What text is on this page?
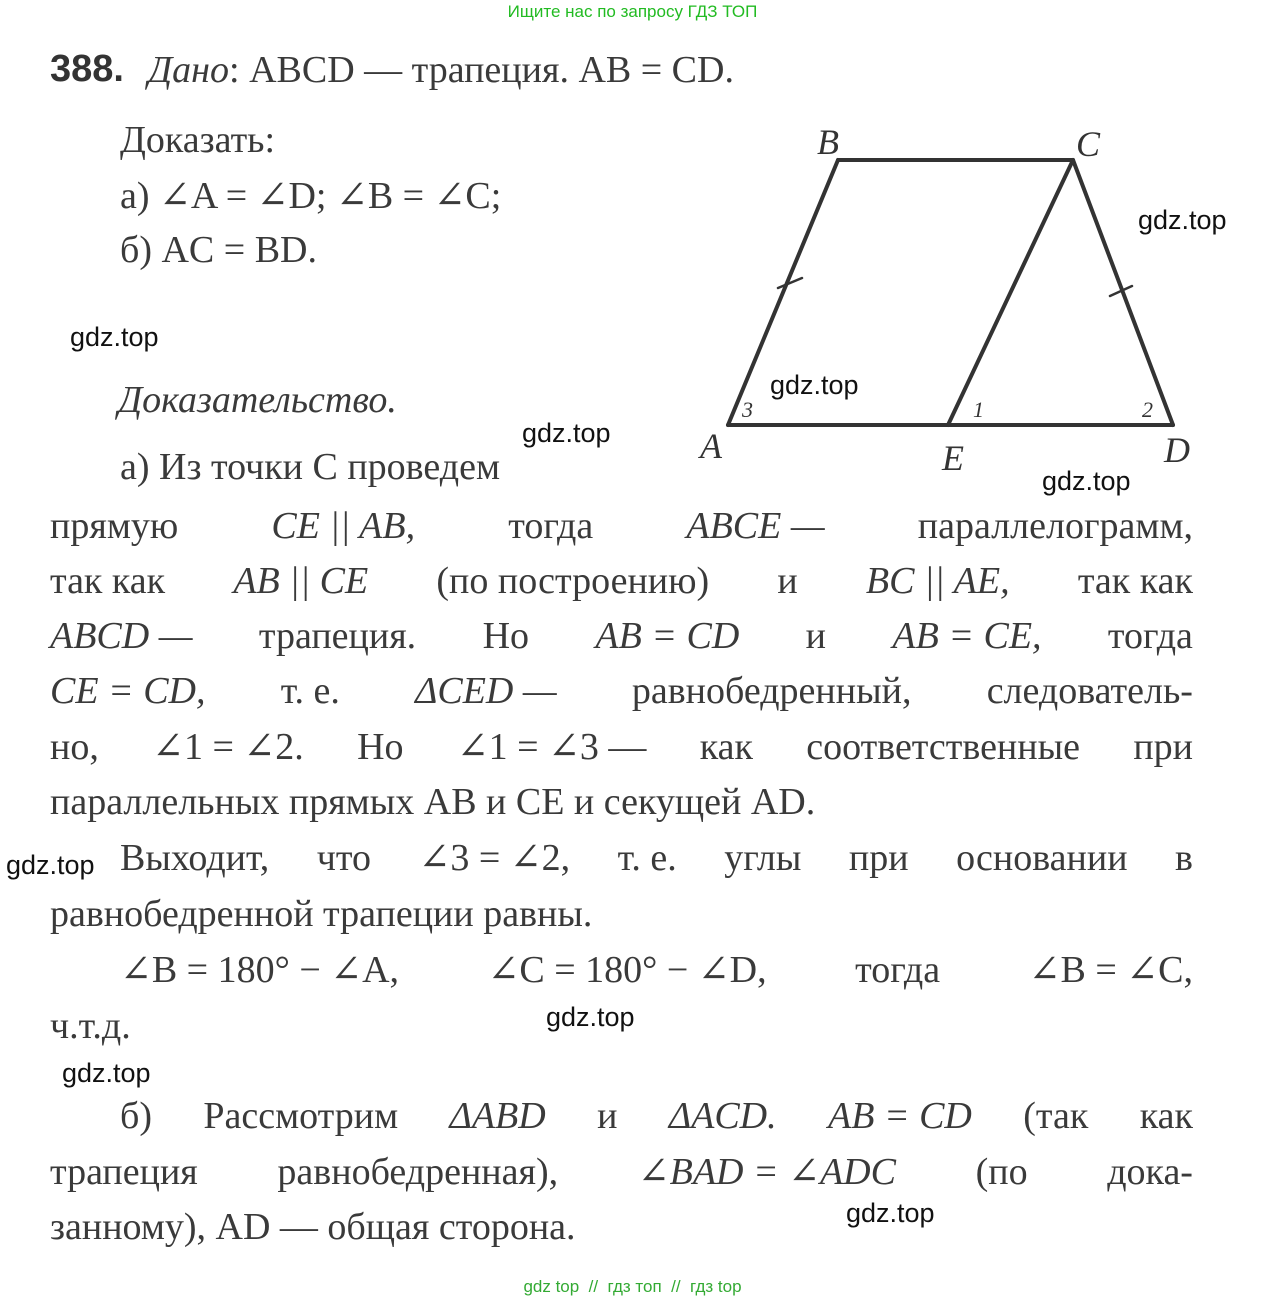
Ищите нас по запросу ГДЗ ТОП
388. Дано: ABCD — трапеция. AB = CD.
Доказать:
а) ∠A = ∠D; ∠B = ∠C;
б) AC = BD.
Доказательство.
а) Из точки C проведем
B	C
A	E	D
1	2
3
прямую CE || AB, тогда ABCE — параллелограмм,
так как AB || CE (по построению) и BC || AE, так как
ABCD — трапеция. Но AB = CD и AB = CE, тогда
CE = CD, т. е. ΔCED — равнобедренный, следователь-
но, ∠1 = ∠2. Но ∠1 = ∠3 — как соответственные при
параллельных прямых AB и CE и секущей AD.
Выходит, что ∠3 = ∠2, т. е. углы при основании в
равнобедренной трапеции равны.
∠B = 180° − ∠A, ∠C = 180° − ∠D, тогда ∠B = ∠C,
ч.т.д.
б) Рассмотрим ΔABD и ΔACD. AB = CD (так как
трапеция равнобедренная), ∠BAD = ∠ADC (по дока-
занному), AD — общая сторона.
gdz.top
gdz.top
gdz.top
gdz.top
gdz.top
gdz.top
gdz.top
gdz.top
gdz.top
gdz top  //  гдз топ  //  гдз top
